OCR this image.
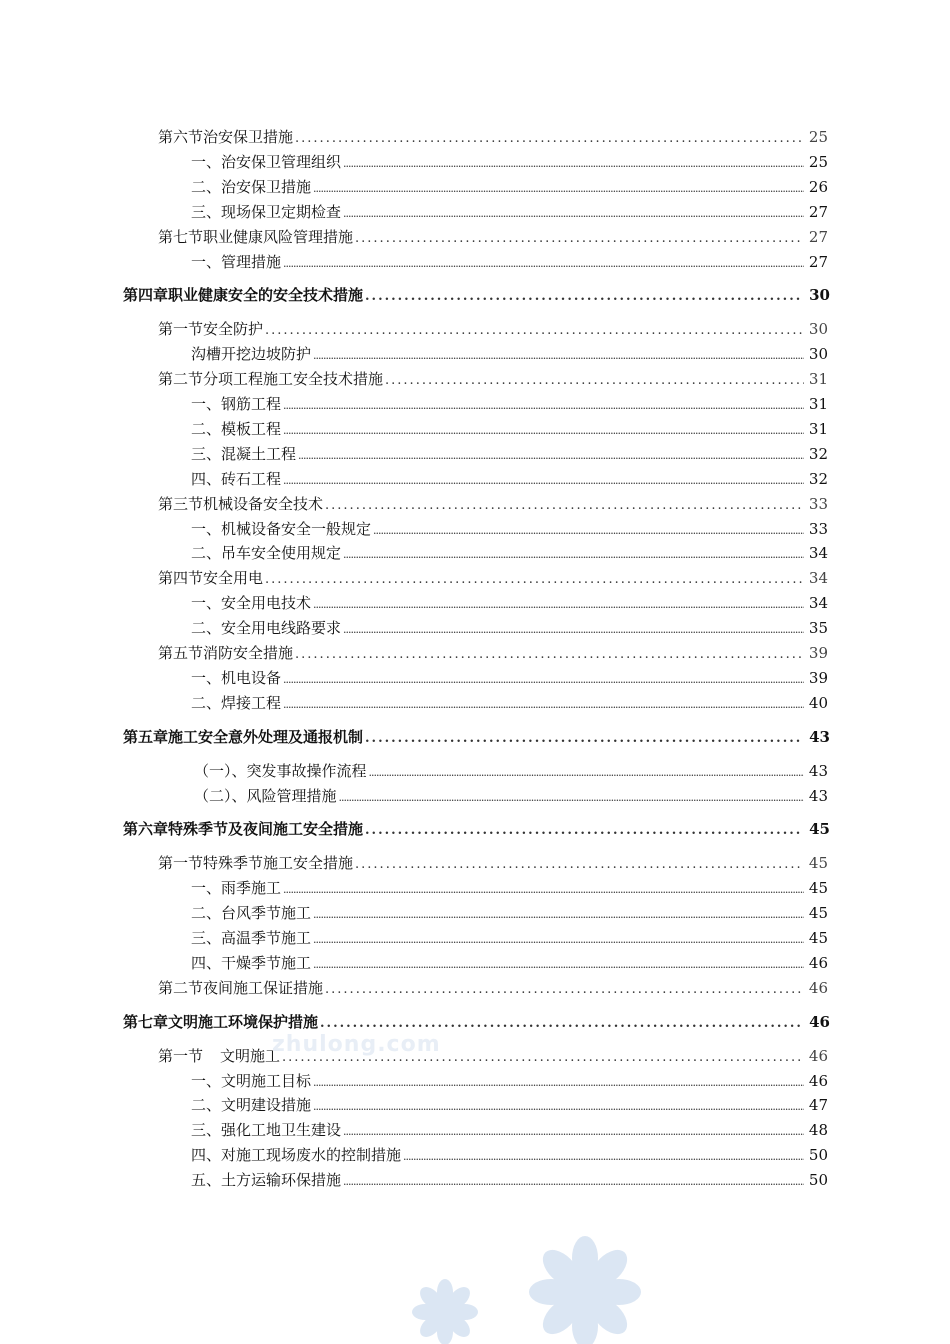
第六节 治安保卫措施 .....	25
一、治安保卫管理组织 .....	25
二、治安保卫措施 .....	26
三、现场保卫定期检查 .....	27
第七节 职业健康风险管理措施 .....	27
一、管理措施 .....	27
第四章职业健康安全的安全技术措施 .....	30
第一节 安全防护 .....	30
沟槽开挖边坡防护 .....	30
第二节 分项工程施工安全技术措施 .....	31
一、钢筋工程 .....	31
二、模板工程 .....	31
三、混凝土工程 .....	32
四、砖石工程 .....	32
第三节 机械设备安全技术 .....	33
一、机械设备安全一般规定 .....	33
二、吊车安全使用规定 .....	34
第四节 安全用电 .....	34
一、安全用电技术 .....	34
二、安全用电线路要求 .....	35
第五节 消防安全措施 .....	39
一、机电设备 .....	39
二、焊接工程 .....	40
第五章 施工安全意外处理及通报机制 .....	43
（一）、突发事故操作流程 .....	43
（二）、风险管理措施 .....	43
第六章 特殊季节及夜间施工安全措施 .....	45
第一节 特殊季节施工安全措施 .....	45
一、雨季施工 .....	45
二、台风季节施工 .....	45
三、高温季节施工 .....	45
四、干燥季节施工 .....	46
第二节 夜间施工保证措施 .....	46
第七章 文明施工环境保护措施 .....	46
第一节 文明施工 .....	46
一、文明施工目标 .....	46
二、文明建设措施 .....	47
三、强化工地卫生建设 .....	48
四、对施工现场废水的控制措施 .....	50
五、土方运输环保措施 .....	50
zhulong.com
